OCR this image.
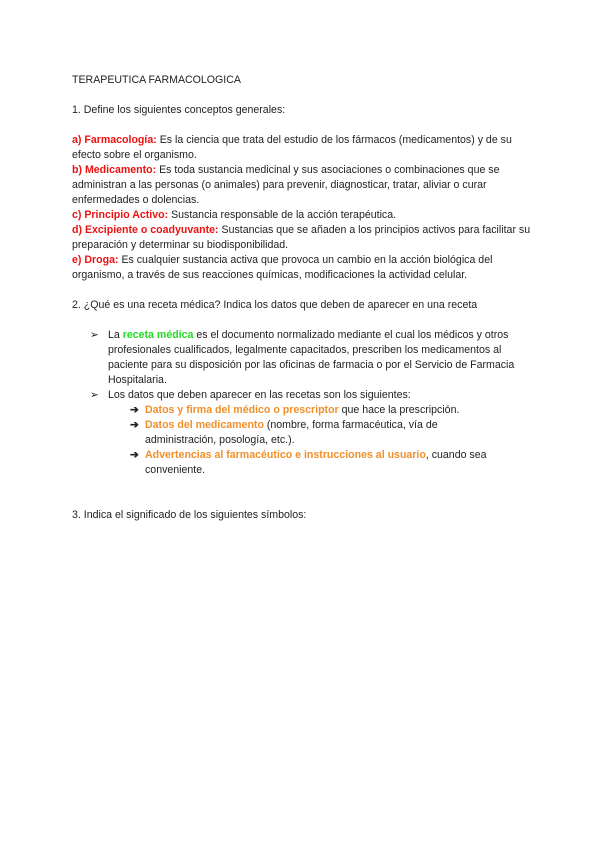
TERAPEUTICA FARMACOLOGICA

1. Define los siguientes conceptos generales:

a) Farmacología: Es la ciencia que trata del estudio de los fármacos (medicamentos) y de su efecto sobre el organismo.

b) Medicamento: Es toda sustancia medicinal y sus asociaciones o combinaciones que se administran a las personas (o animales) para prevenir, diagnosticar, tratar, aliviar o curar enfermedades o dolencias.

c) Principio Activo: Sustancia responsable de la acción terapéutica.

d) Excipiente o coadyuvante: Sustancias que se añaden a los principios activos para facilitar su preparación y determinar su biodisponibilidad.

e) Droga: Es cualquier sustancia activa que provoca un cambio en la acción biológica del organismo, a través de sus reacciones químicas, modificaciones la actividad celular.

2. ¿Qué es una receta médica? Indica los datos que deben de aparecer en una receta

➢ La receta médica es el documento normalizado mediante el cual los médicos y otros profesionales cualificados, legalmente capacitados, prescriben los medicamentos al paciente para su disposición por las oficinas de farmacia o por el Servicio de Farmacia Hospitalaria.

➢ Los datos que deben aparecer en las recetas son los siguientes:

➔ Datos y firma del médico o prescriptor que hace la prescripción.

➔ Datos del medicamento (nombre, forma farmacéutica, vía de administración, posología, etc.).

➔ Advertencias al farmacéutico e instrucciones al usuario, cuando sea conveniente.

3. Indica el significado de los siguientes símbolos:
